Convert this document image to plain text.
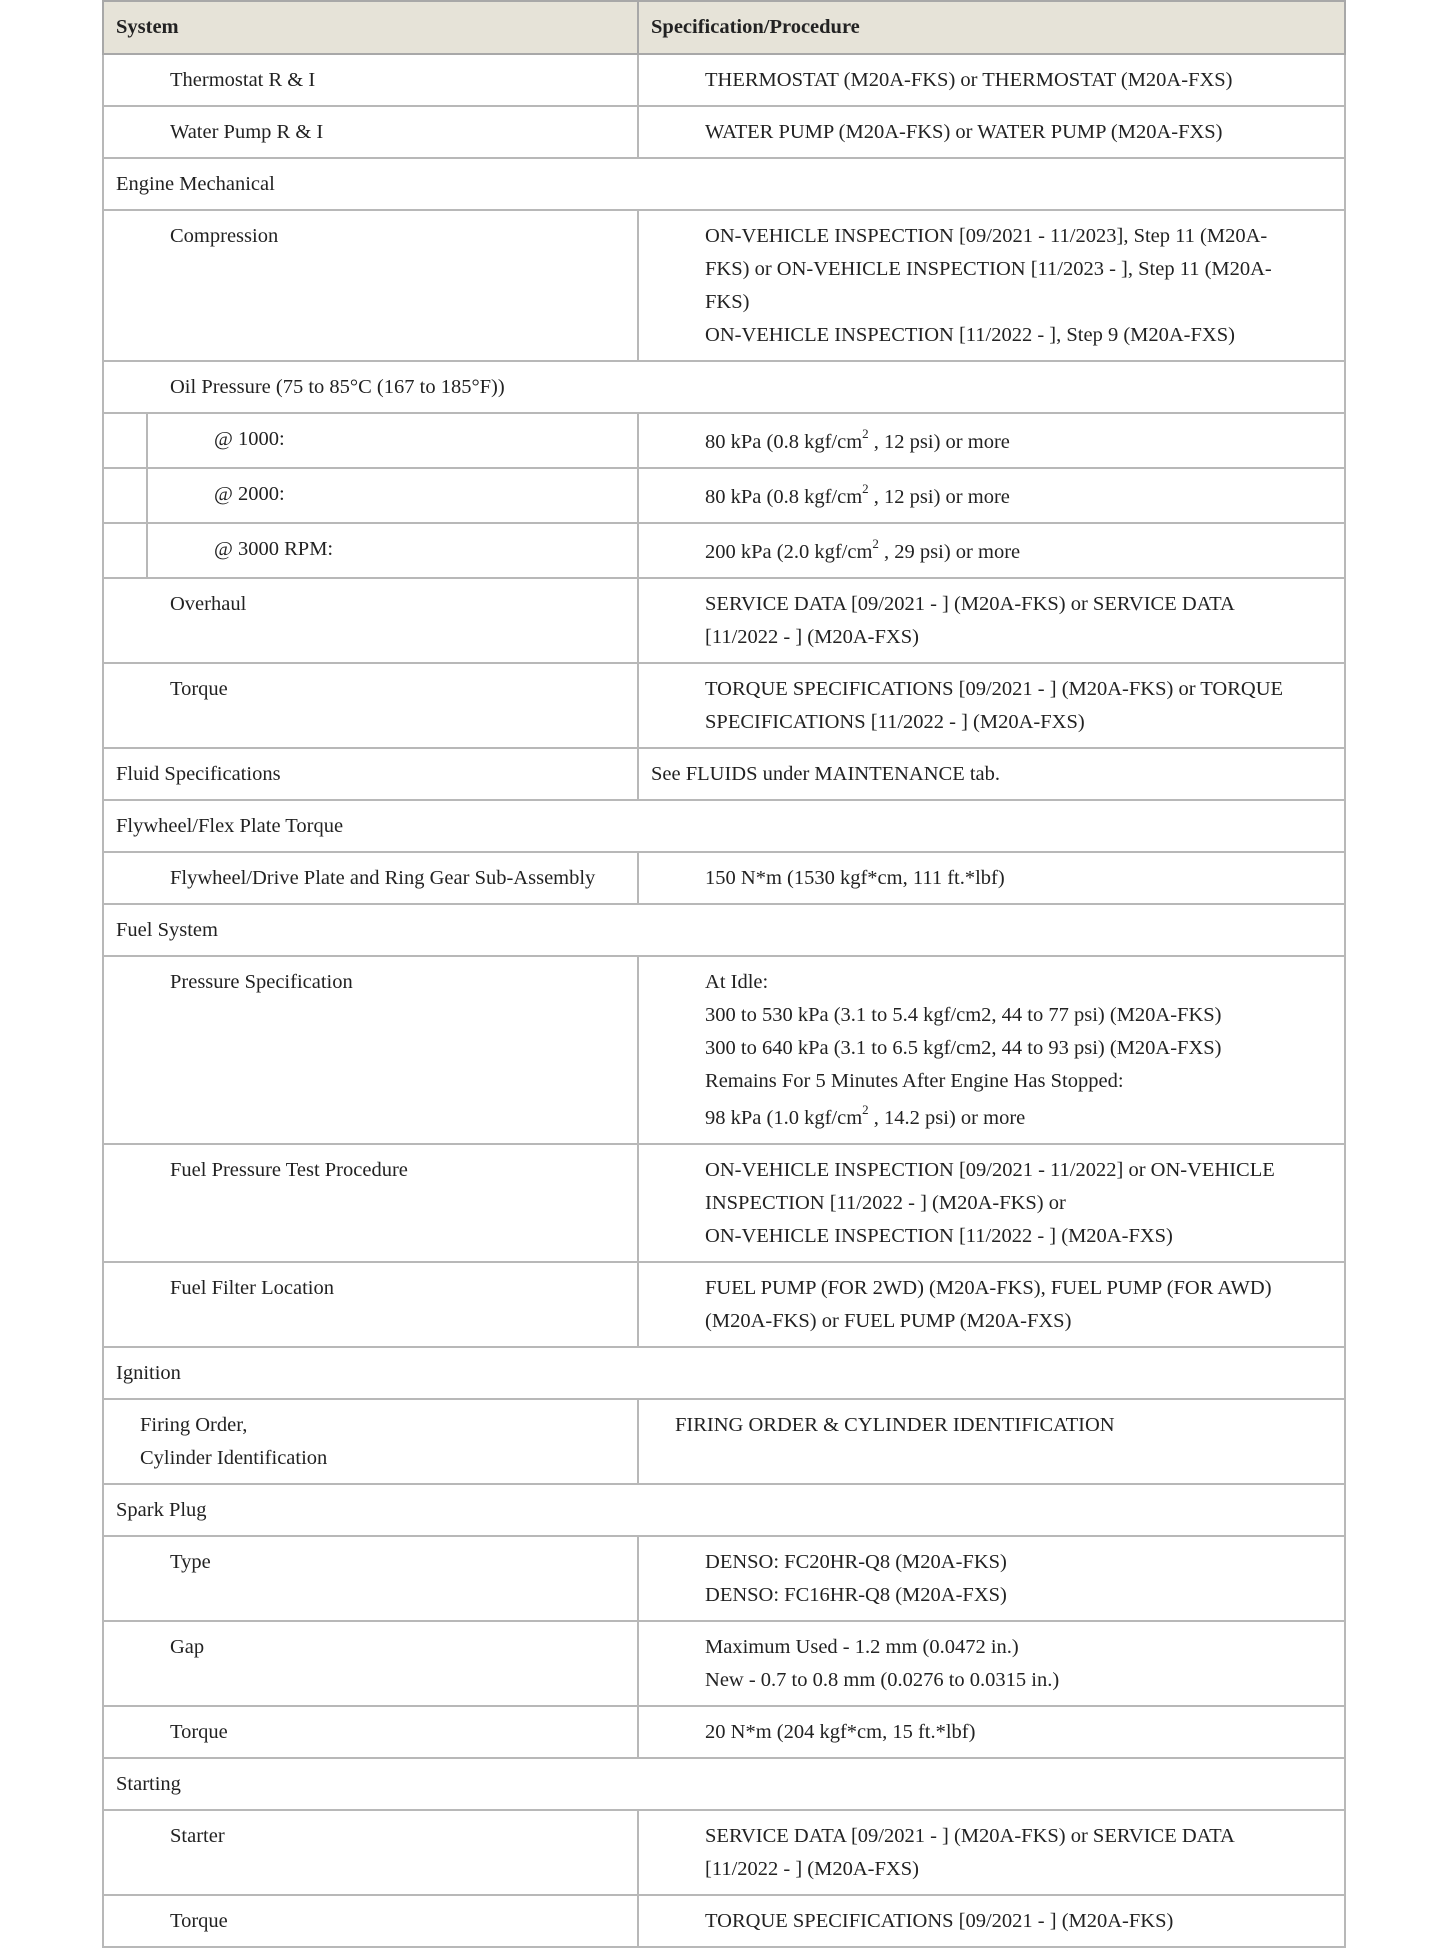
System		Specification/Procedure

Thermostat R & I		THERMOSTAT (M20A-FKS) or THERMOSTAT (M20A-FXS)

Water Pump R & I		WATER PUMP (M20A-FKS) or WATER PUMP (M20A-FXS)

Engine Mechanical		

Compression		ON-VEHICLE INSPECTION [09/2021 - 11/2023], Step 11 (M20A-
FKS) or ON-VEHICLE INSPECTION [11/2023 - ], Step 11 (M20A-
FKS)
ON-VEHICLE INSPECTION [11/2022 - ], Step 9 (M20A-FXS)

Oil Pressure (75 to 85°C (167 to 185°F))		

	@ 1000:	80 kPa (0.8 kgf/$cm^2$ , 12 psi) or more

	@ 2000:	80 kPa (0.8 kgf/$cm^2$ , 12 psi) or more

	@ 3000 RPM:	200 kPa (2.0 kgf/$cm^2$ , 29 psi) or more

Overhaul		SERVICE DATA [09/2021 - ] (M20A-FKS) or SERVICE DATA
[11/2022 - ] (M20A-FXS)

Torque		TORQUE SPECIFICATIONS [09/2021 - ] (M20A-FKS) or TORQUE
SPECIFICATIONS [11/2022 - ] (M20A-FXS)

Fluid Specifications		See FLUIDS under MAINTENANCE tab.

Flywheel/Flex Plate Torque		

Flywheel/Drive Plate and Ring Gear Sub-Assembly		150 N*m (1530 kgf*cm, 111 ft.*lbf)

Fuel System		

Pressure Specification		At Idle:
300 to 530 kPa (3.1 to 5.4 kgf/cm2, 44 to 77 psi) (M20A-FKS)
300 to 640 kPa (3.1 to 6.5 kgf/cm2, 44 to 93 psi) (M20A-FXS)
Remains For 5 Minutes After Engine Has Stopped:
98 kPa (1.0 kgf/$cm^2$ , 14.2 psi) or more

Fuel Pressure Test Procedure		ON-VEHICLE INSPECTION [09/2021 - 11/2022] or ON-VEHICLE
INSPECTION [11/2022 - ] (M20A-FKS) or
ON-VEHICLE INSPECTION [11/2022 - ] (M20A-FXS)

Fuel Filter Location		FUEL PUMP (FOR 2WD) (M20A-FKS), FUEL PUMP (FOR AWD)
(M20A-FKS) or FUEL PUMP (M20A-FXS)

Ignition		

Firing Order,
Cylinder Identification		FIRING ORDER & CYLINDER IDENTIFICATION

Spark Plug		

Type		DENSO: FC20HR-Q8 (M20A-FKS)
DENSO: FC16HR-Q8 (M20A-FXS)

Gap		Maximum Used - 1.2 mm (0.0472 in.)
New - 0.7 to 0.8 mm (0.0276 to 0.0315 in.)

Torque		20 N*m (204 kgf*cm, 15 ft.*lbf)

Starting		

Starter		SERVICE DATA [09/2021 - ] (M20A-FKS) or SERVICE DATA
[11/2022 - ] (M20A-FXS)

Torque		TORQUE SPECIFICATIONS [09/2021 - ] (M20A-FKS)
